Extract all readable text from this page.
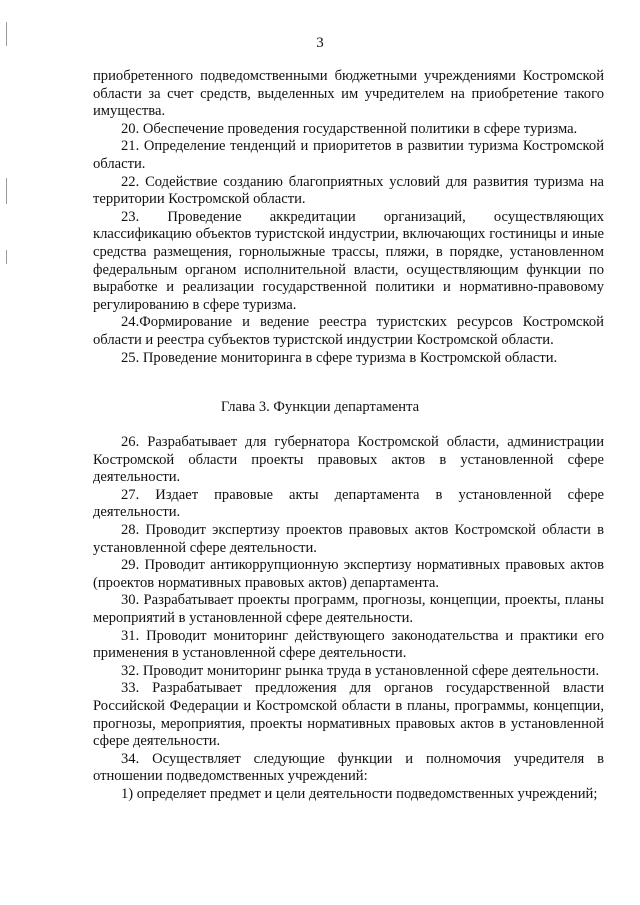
3

приобретенного подведомственными бюджетными учреждениями Костромской области за счет средств, выделенных им учредителем на приобретение такого имущества.

20. Обеспечение проведения государственной политики в сфере туризма.

21. Определение тенденций и приоритетов в развитии туризма Костромской области.

22. Содействие созданию благоприятных условий для развития туризма на территории Костромской области.

23. Проведение аккредитации организаций, осуществляющих классификацию объектов туристской индустрии, включающих гостиницы и иные средства размещения, горнолыжные трассы, пляжи, в порядке, установленном федеральным органом исполнительной власти, осуществляющим функции по выработке и реализации государственной политики и нормативно-правовому регулированию в сфере туризма.

24.Формирование и ведение реестра туристских ресурсов Костромской области и реестра субъектов туристской индустрии Костромской области.

25. Проведение мониторинга в сфере туризма в Костромской области.

Глава 3. Функции департамента

26. Разрабатывает для губернатора Костромской области, администрации Костромской области проекты правовых актов в установленной сфере деятельности.

27. Издает правовые акты департамента в установленной сфере деятельности.

28. Проводит экспертизу проектов правовых актов Костромской области в установленной сфере деятельности.

29. Проводит антикоррупционную экспертизу нормативных правовых актов (проектов нормативных правовых актов) департамента.

30. Разрабатывает проекты программ, прогнозы, концепции, проекты, планы мероприятий в установленной сфере деятельности.

31. Проводит мониторинг действующего законодательства и практики его применения в установленной сфере деятельности.

32. Проводит мониторинг рынка труда в установленной сфере деятельности.

33. Разрабатывает предложения для органов государственной власти Российской Федерации и Костромской области в планы, программы, концепции, прогнозы, мероприятия, проекты нормативных правовых актов в установленной сфере деятельности.

34. Осуществляет следующие функции и полномочия учредителя в отношении подведомственных учреждений:

1) определяет предмет и цели деятельности подведомственных учреждений;
